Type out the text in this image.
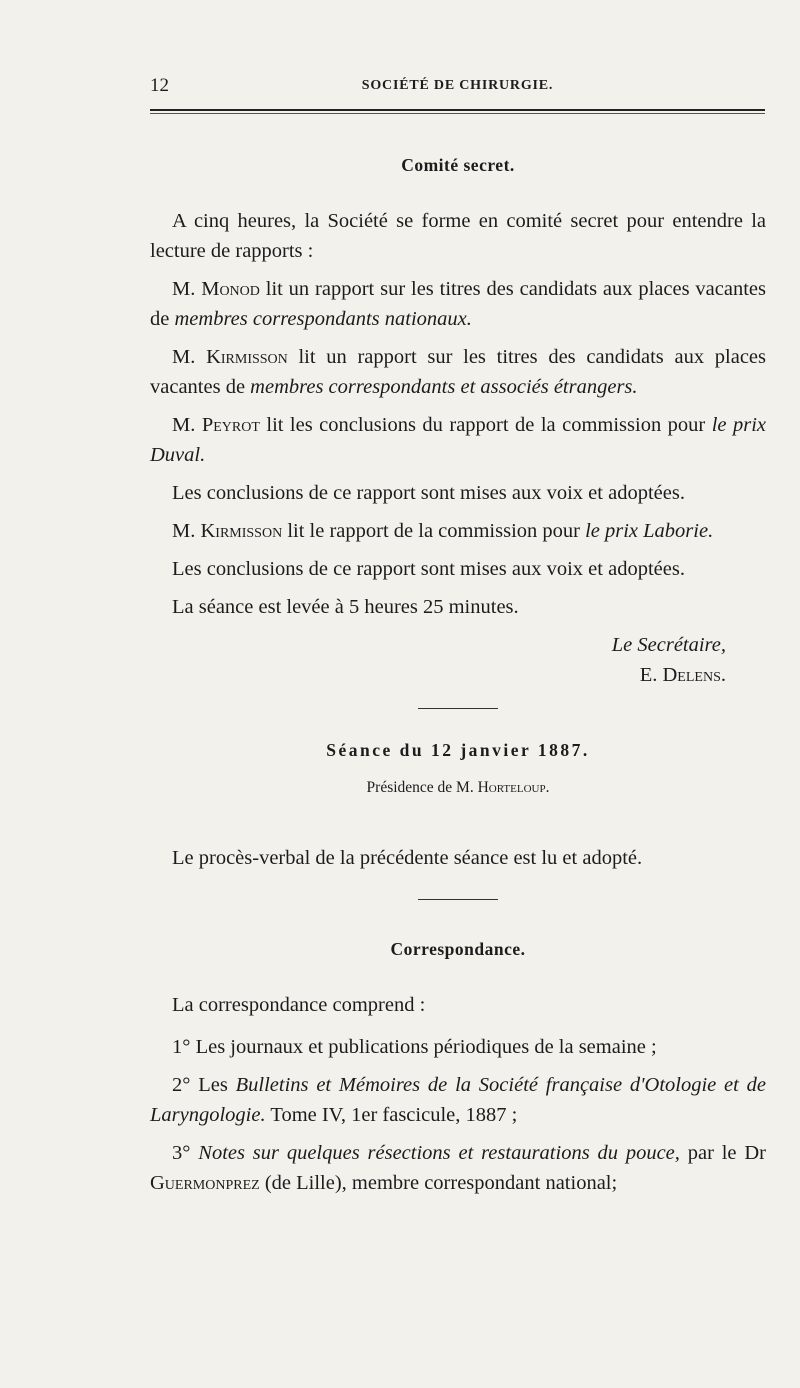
12	SOCIÉTÉ DE CHIRURGIE.

Comité secret.

A cinq heures, la Société se forme en comité secret pour entendre la lecture de rapports :

M. Monod lit un rapport sur les titres des candidats aux places vacantes de membres correspondants nationaux.

M. Kirmisson lit un rapport sur les titres des candidats aux places vacantes de membres correspondants et associés étrangers.

M. Peyrot lit les conclusions du rapport de la commission pour le prix Duval.

Les conclusions de ce rapport sont mises aux voix et adoptées.

M. Kirmisson lit le rapport de la commission pour le prix Laborie.

Les conclusions de ce rapport sont mises aux voix et adoptées.

La séance est levée à 5 heures 25 minutes.

Le Secrétaire,

E. Delens.

Séance du 12 janvier 1887.

Présidence de M. Horteloup.

Le procès-verbal de la précédente séance est lu et adopté.

Correspondance.

La correspondance comprend :

1° Les journaux et publications périodiques de la semaine ;

2° Les Bulletins et Mémoires de la Société française d'Otologie et de Laryngologie. Tome IV, 1er fascicule, 1887 ;

3° Notes sur quelques résections et restaurations du pouce, par le Dr Guermonprez (de Lille), membre correspondant national;
